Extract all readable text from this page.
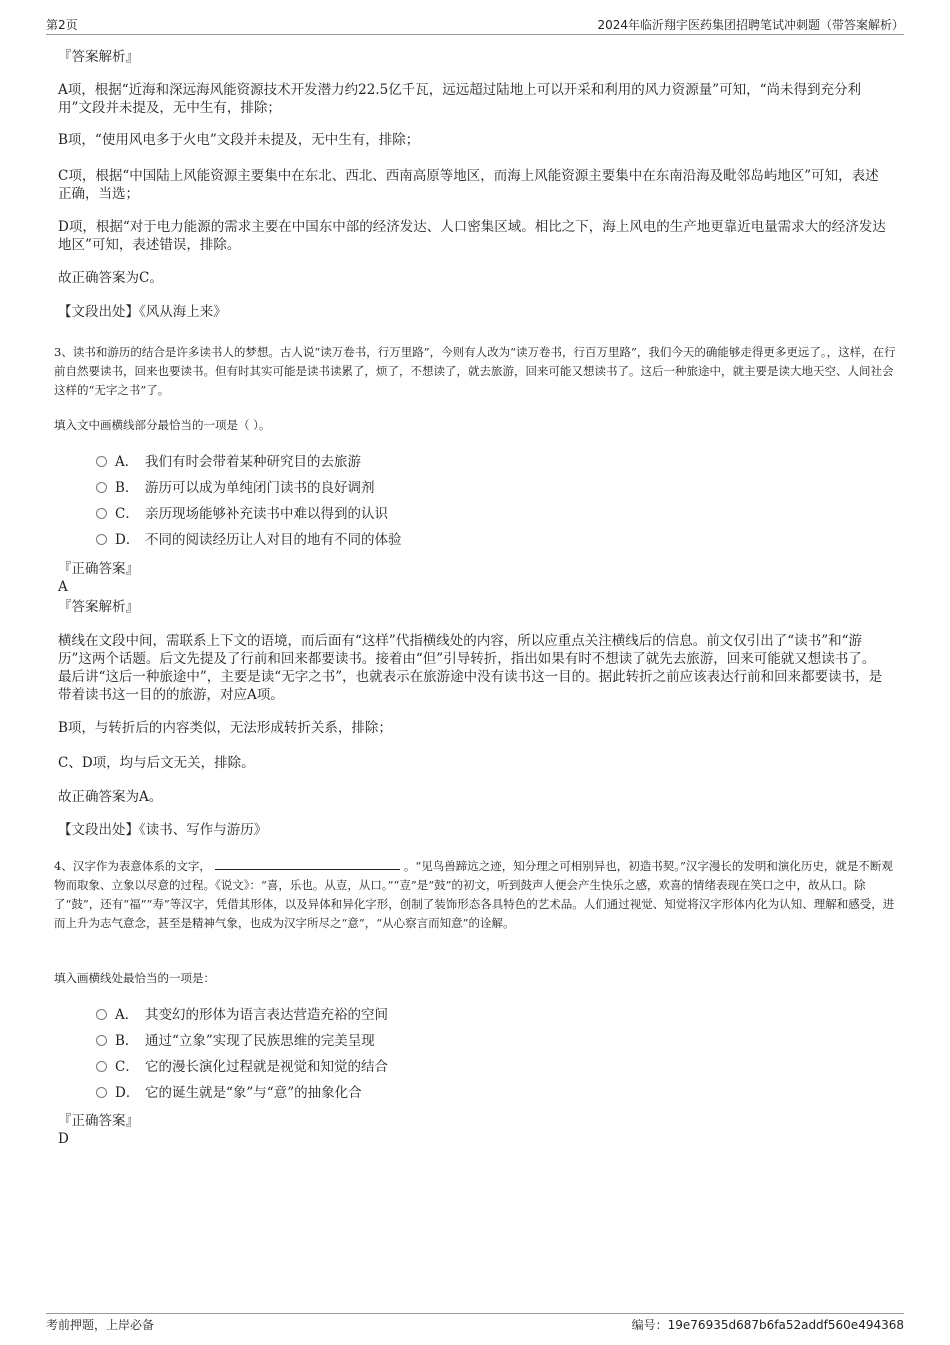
第2页	2024年临沂翔宇医药集团招聘笔试冲刺题（带答案解析）
『答案解析』
A项，根据“近海和深远海风能资源技术开发潜力约22.5亿千瓦，远远超过陆地上可以开采和利用的风力资源量”可知，“尚未得到充分利用”文段并未提及，无中生有，排除；
B项，“使用风电多于火电”文段并未提及，无中生有，排除；
C项，根据“中国陆上风能资源主要集中在东北、西北、西南高原等地区，而海上风能资源主要集中在东南沿海及毗邻岛屿地区”可知，表述正确，当选；
D项，根据“对于电力能源的需求主要在中国东中部的经济发达、人口密集区域。相比之下，海上风电的生产地更靠近电量需求大的经济发达地区”可知，表述错误，排除。
故正确答案为C。
【文段出处】《风从海上来》
3、读书和游历的结合是许多读书人的梦想。古人说“读万卷书，行万里路”，今则有人改为“读万卷书，行百万里路”，我们今天的确能够走得更多更远了。，这样，在行前自然要读书，回来也要读书。但有时其实可能是读书读累了，烦了，不想读了，就去旅游，回来可能又想读书了。这后一种旅途中，就主要是读大地天空、人间社会这样的“无字之书”了。
填入文中画横线部分最恰当的一项是（ ）。
A． 我们有时会带着某种研究目的去旅游
B． 游历可以成为单纯闭门读书的良好调剂
C． 亲历现场能够补充读书中难以得到的认识
D． 不同的阅读经历让人对目的地有不同的体验
『正确答案』
A
『答案解析』
横线在文段中间，需联系上下文的语境，而后面有“这样”代指横线处的内容，所以应重点关注横线后的信息。前文仅引出了“读书”和“游历”这两个话题。后文先提及了行前和回来都要读书。接着由“但”引导转折，指出如果有时不想读了就先去旅游，回来可能就又想读书了。最后讲“这后一种旅途中”，主要是读“无字之书”，也就表示在旅游途中没有读书这一目的。据此转折之前应该表达行前和回来都要读书，是带着读书这一目的的旅游，对应A项。
B项，与转折后的内容类似，无法形成转折关系，排除；
C、D项，均与后文无关，排除。
故正确答案为A。
【文段出处】《读书、写作与游历》
4、汉字作为表意体系的文字，	。“见鸟兽蹄迒之迹，知分理之可相别异也，初造书契。”汉字漫长的发明和演化历史，就是不断观物而取象、立象以尽意的过程。《说文》：“喜，乐也。从壴，从口。”“壴”是“鼓”的初文，听到鼓声人便会产生快乐之感，欢喜的情绪表现在笑口之中，故从口。除了“鼓”，还有“福”“寿”等汉字，凭借其形体，以及异体和异化字形，创制了装饰形态各具特色的艺术品。人们通过视觉、知觉将汉字形体内化为认知、理解和感受，进而上升为志气意念，甚至是精神气象，也成为汉字所尽之“意”，“从心察言而知意”的诠解。
填入画横线处最恰当的一项是：
A． 其变幻的形体为语言表达营造充裕的空间
B． 通过“立象”实现了民族思维的完美呈现
C． 它的漫长演化过程就是视觉和知觉的结合
D． 它的诞生就是“象”与“意”的抽象化合
『正确答案』
D
考前押题，上岸必备	编号：19e76935d687b6fa52addf560e494368
